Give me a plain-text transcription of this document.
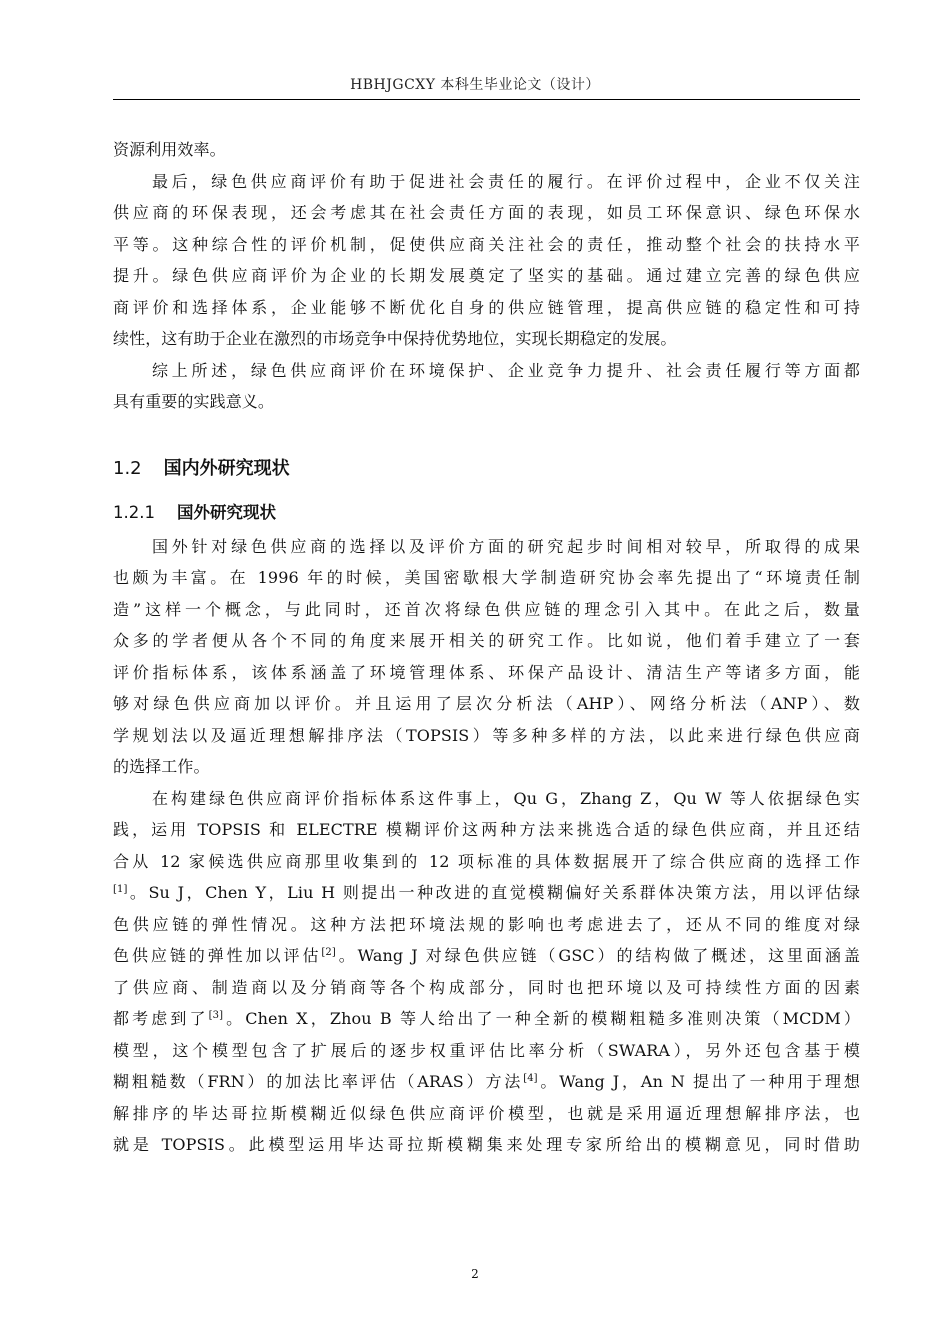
HBHJGCXY 本科生毕业论文（设计）
资源利用效率。
最后，绿色供应商评价有助于促进社会责任的履行。在评价过程中，企业不仅关注
供应商的环保表现，还会考虑其在社会责任方面的表现，如员工环保意识、绿色环保水
平等。这种综合性的评价机制，促使供应商关注社会的责任，推动整个社会的扶持水平
提升。绿色供应商评价为企业的长期发展奠定了坚实的基础。通过建立完善的绿色供应
商评价和选择体系，企业能够不断优化自身的供应链管理，提高供应链的稳定性和可持
续性，这有助于企业在激烈的市场竞争中保持优势地位，实现长期稳定的发展。
综上所述，绿色供应商评价在环境保护、企业竞争力提升、社会责任履行等方面都
具有重要的实践意义。
1.2 国内外研究现状
1.2.1 国外研究现状
国外针对绿色供应商的选择以及评价方面的研究起步时间相对较早，所取得的成果
也颇为丰富。在 1996 年的时候，美国密歇根大学制造研究协会率先提出了“环境责任制
造”这样一个概念，与此同时，还首次将绿色供应链的理念引入其中。在此之后，数量
众多的学者便从各个不同的角度来展开相关的研究工作。比如说，他们着手建立了一套
评价指标体系，该体系涵盖了环境管理体系、环保产品设计、清洁生产等诸多方面，能
够对绿色供应商加以评价。并且运用了层次分析法（AHP）、网络分析法（ANP）、数
学规划法以及逼近理想解排序法（TOPSIS）等多种多样的方法，以此来进行绿色供应商
的选择工作。
在构建绿色供应商评价指标体系这件事上，Qu G，Zhang Z，Qu W 等人依据绿色实
践，运用 TOPSIS 和 ELECTRE 模糊评价这两种方法来挑选合适的绿色供应商，并且还结
合从 12 家候选供应商那里收集到的 12 项标准的具体数据展开了综合供应商的选择工作
[1]。Su J，Chen Y，Liu H 则提出一种改进的直觉模糊偏好关系群体决策方法，用以评估绿
色供应链的弹性情况。这种方法把环境法规的影响也考虑进去了，还从不同的维度对绿
色供应链的弹性加以评估[2]。Wang J 对绿色供应链（GSC）的结构做了概述，这里面涵盖
了供应商、制造商以及分销商等各个构成部分，同时也把环境以及可持续性方面的因素
都考虑到了[3]。Chen X，Zhou B 等人给出了一种全新的模糊粗糙多准则决策（MCDM）
模型，这个模型包含了扩展后的逐步权重评估比率分析（SWARA），另外还包含基于模
糊粗糙数（FRN）的加法比率评估（ARAS）方法[4]。Wang J，An N 提出了一种用于理想
解排序的毕达哥拉斯模糊近似绿色供应商评价模型，也就是采用逼近理想解排序法，也
就是 TOPSIS。此模型运用毕达哥拉斯模糊集来处理专家所给出的模糊意见，同时借助
2
